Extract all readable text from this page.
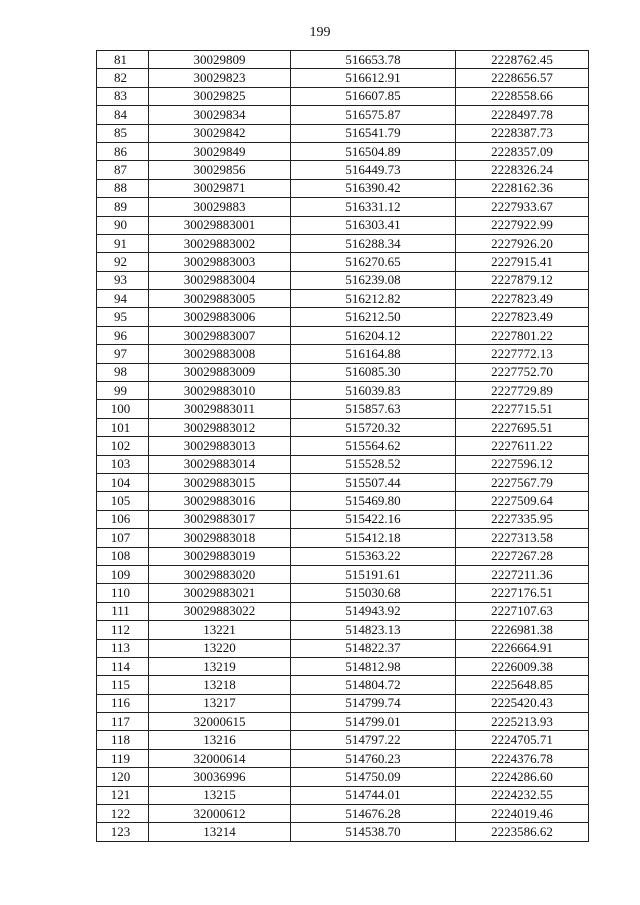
199
81	30029809	516653.78	2228762.45
82	30029823	516612.91	2228656.57
83	30029825	516607.85	2228558.66
84	30029834	516575.87	2228497.78
85	30029842	516541.79	2228387.73
86	30029849	516504.89	2228357.09
87	30029856	516449.73	2228326.24
88	30029871	516390.42	2228162.36
89	30029883	516331.12	2227933.67
90	30029883001	516303.41	2227922.99
91	30029883002	516288.34	2227926.20
92	30029883003	516270.65	2227915.41
93	30029883004	516239.08	2227879.12
94	30029883005	516212.82	2227823.49
95	30029883006	516212.50	2227823.49
96	30029883007	516204.12	2227801.22
97	30029883008	516164.88	2227772.13
98	30029883009	516085.30	2227752.70
99	30029883010	516039.83	2227729.89
100	30029883011	515857.63	2227715.51
101	30029883012	515720.32	2227695.51
102	30029883013	515564.62	2227611.22
103	30029883014	515528.52	2227596.12
104	30029883015	515507.44	2227567.79
105	30029883016	515469.80	2227509.64
106	30029883017	515422.16	2227335.95
107	30029883018	515412.18	2227313.58
108	30029883019	515363.22	2227267.28
109	30029883020	515191.61	2227211.36
110	30029883021	515030.68	2227176.51
111	30029883022	514943.92	2227107.63
112	13221	514823.13	2226981.38
113	13220	514822.37	2226664.91
114	13219	514812.98	2226009.38
115	13218	514804.72	2225648.85
116	13217	514799.74	2225420.43
117	32000615	514799.01	2225213.93
118	13216	514797.22	2224705.71
119	32000614	514760.23	2224376.78
120	30036996	514750.09	2224286.60
121	13215	514744.01	2224232.55
122	32000612	514676.28	2224019.46
123	13214	514538.70	2223586.62
